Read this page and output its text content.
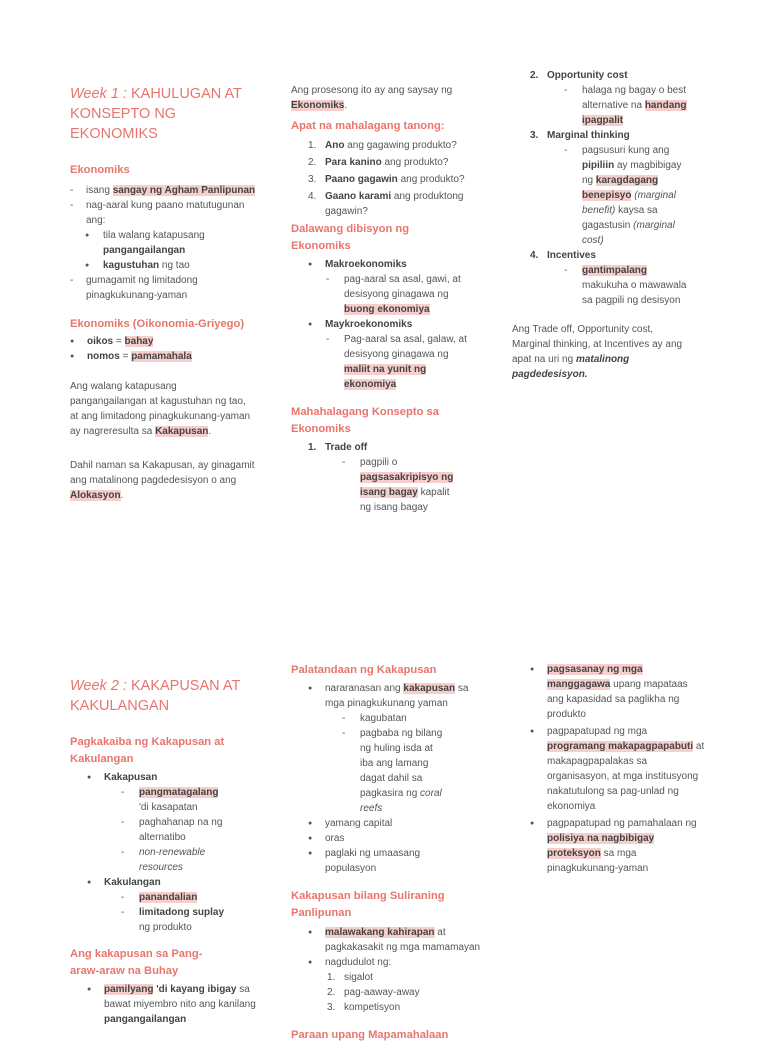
Week 1 : KAHULUGAN AT KONSEPTO NG EKONOMIKS
Ekonomiks
- isang sangay ng Agham Panlipunan
- nag-aaral kung paano matutugunan ang:
● tila walang katapusang pangangailangan
● kagustuhan ng tao
- gumagamit ng limitadong pinagkukunang-yaman
Ekonomiks (Oikonomia-Griyego)
● oikos = bahay
● nomos = pamamahala

Ang walang katapusang pangangailangan at kagustuhan ng tao, at ang limitadong pinagkukunang-yaman ay nagreresulta sa Kakapusan.

Dahil naman sa Kakapusan, ay ginagamit ang matalinong pagdedesisyon o ang Alokasyon.

Ang prosesong ito ay ang saysay ng Ekonomiks.

Apat na mahalagang tanong:
1. Ano ang gagawing produkto?
2. Para kanino ang produkto?
3. Paano gagawin ang produkto?
4. Gaano karami ang produktong gagawin?
Dalawang dibisyon ng Ekonomiks
● Makroekonomiks
- pag-aaral sa asal, gawi, at desisyong ginagawa ng buong ekonomiya
● Maykroekonomiks
- Pag-aaral sa asal, galaw, at desisyong ginagawa ng maliit na yunit ng ekonomiya
Mahahalagang Konsepto sa Ekonomiks
1. Trade off
- pagpili o pagsasakripisyo ng isang bagay kapalit ng isang bagay
2. Opportunity cost
- halaga ng bagay o best alternative na handang ipagpalit
3. Marginal thinking
- pagsusuri kung ang pipiliin ay magbibigay ng karagdagang benepisyo (marginal benefit) kaysa sa gagastusin (marginal cost)
4. Incentives
- gantimpalang makukuha o mawawala sa pagpili ng desisyon

Ang Trade off, Opportunity cost, Marginal thinking, at Incentives ay ang apat na uri ng matalinong pagdedesisyon.

Week 2 : KAKAPUSAN AT KAKULANGAN
Pagkakaiba ng Kakapusan at Kakulangan
● Kakapusan
- pangmatagalang 'di kasapatan
- paghahanap na ng alternatibo
- non-renewable resources
● Kakulangan
- panandalian
- limitadong suplay ng produkto
Ang kakapusan sa Pang-araw-araw na Buhay
● pamilyang 'di kayang ibigay sa bawat miyembro nito ang kanilang pangangailangan
Palatandaan ng Kakapusan
● nararanasan ang kakapusan sa mga pinagkukunang yaman
- kagubatan
- pagbaba ng bilang ng huling isda at iba ang lamang dagat dahil sa pagkasira ng coral reefs
● yamang capital
● oras
● paglaki ng umaasang populasyon
Kakapusan bilang Suliraning Panlipunan
● malawakang kahirapan at pagkakasakit ng mga mamamayan
● nagdudulot ng:
1. sigalot
2. pag-aaway-away
3. kompetisyon
Paraan upang Mapamahalaan
● pagsasanay ng mga manggagawa upang mapataas ang kapasidad sa paglikha ng produkto
● pagpapatupad ng mga programang makapagpapabuti at makapagpapalakas sa organisasyon, at mga institusyong nakatutulong sa pag-unlad ng ekonomiya
● pagpapatupad ng pamahalaan ng polisiya na nagbibigay proteksyon sa mga pinagkukunang-yaman
